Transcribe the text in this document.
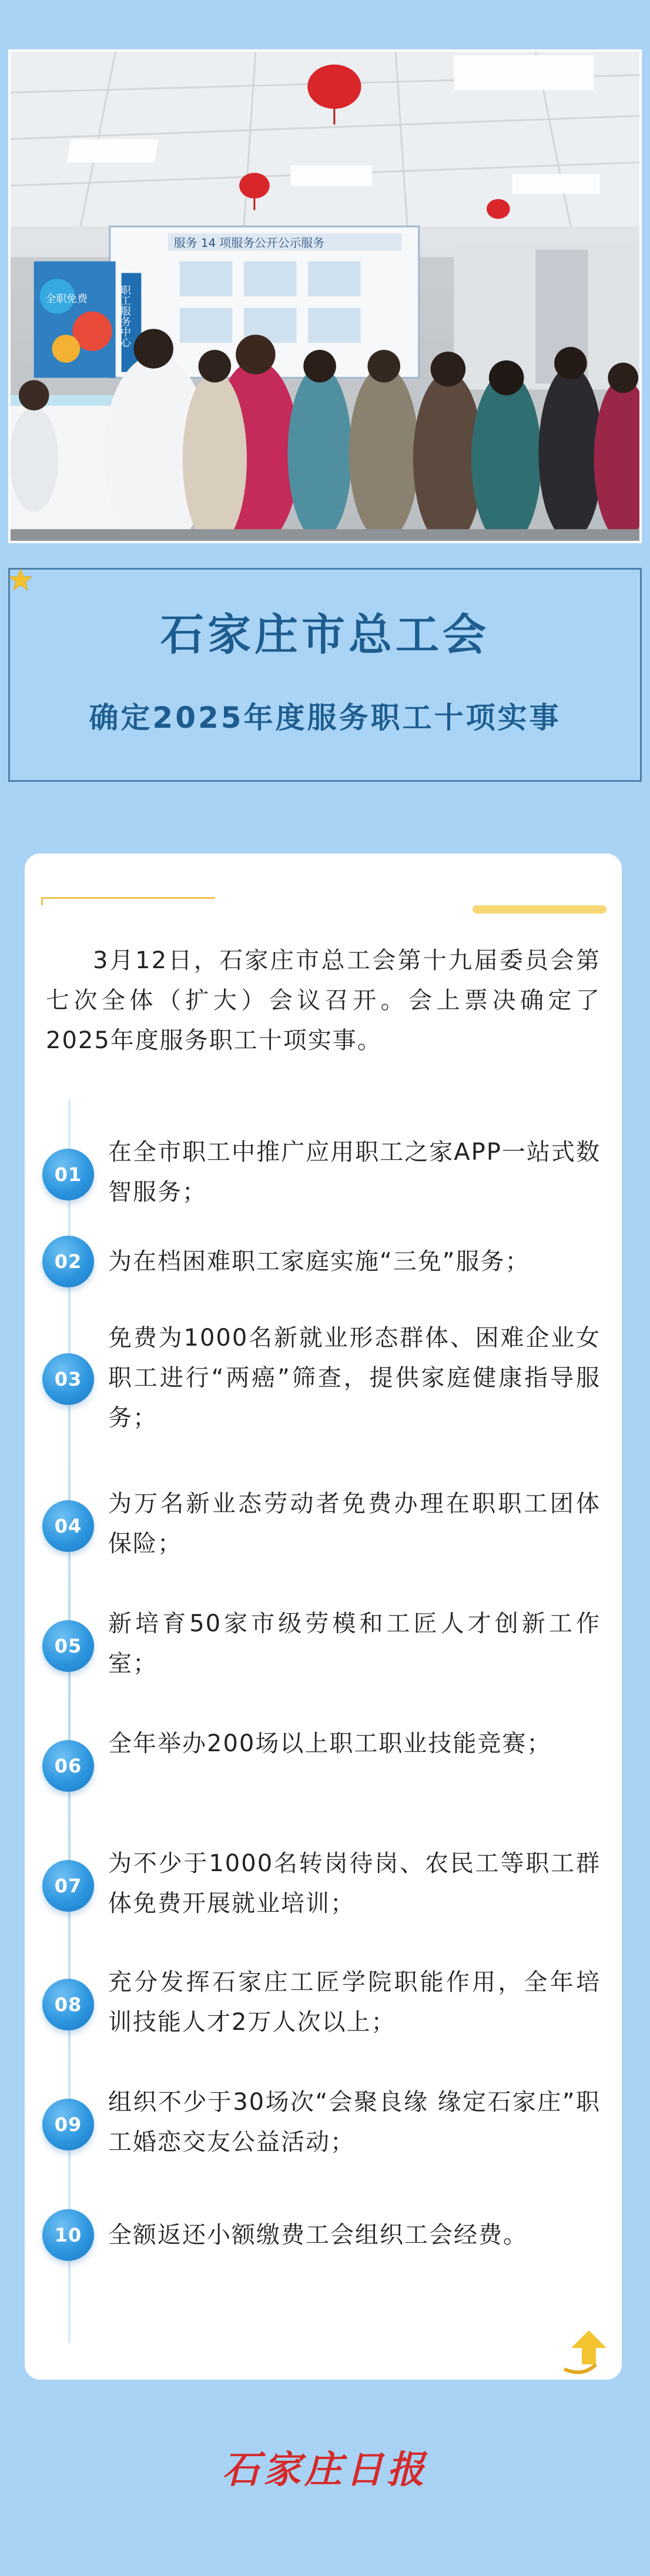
服务 14 项服务公开公示服务
全职免费	职工服务中心
石家庄市总工会
确定2025年度服务职工十项实事

3月12日，石家庄市总工会第十九届委员会第七次全体（扩大）会议召开。会上票决确定了2025年度服务职工十项实事。

01
在全市职工中推广应用职工之家APP一站式数智服务；
02 为在档困难职工家庭实施“三免”服务；
03
免费为1000名新就业形态群体、困难企业女职工进行“两癌”筛查，提供家庭健康指导服务；
04
为万名新业态劳动者免费办理在职职工团体保险；
05
新培育50家市级劳模和工匠人才创新工作室；
06
全年举办200场以上职工职业技能竞赛；
07
为不少于1000名转岗待岗、农民工等职工群体免费开展就业培训；
08
充分发挥石家庄工匠学院职能作用，全年培训技能人才2万人次以上；
09
组织不少于30场次“会聚良缘 缘定石家庄”职工婚恋交友公益活动；
10 全额返还小额缴费工会组织工会经费。
石家庄日报
